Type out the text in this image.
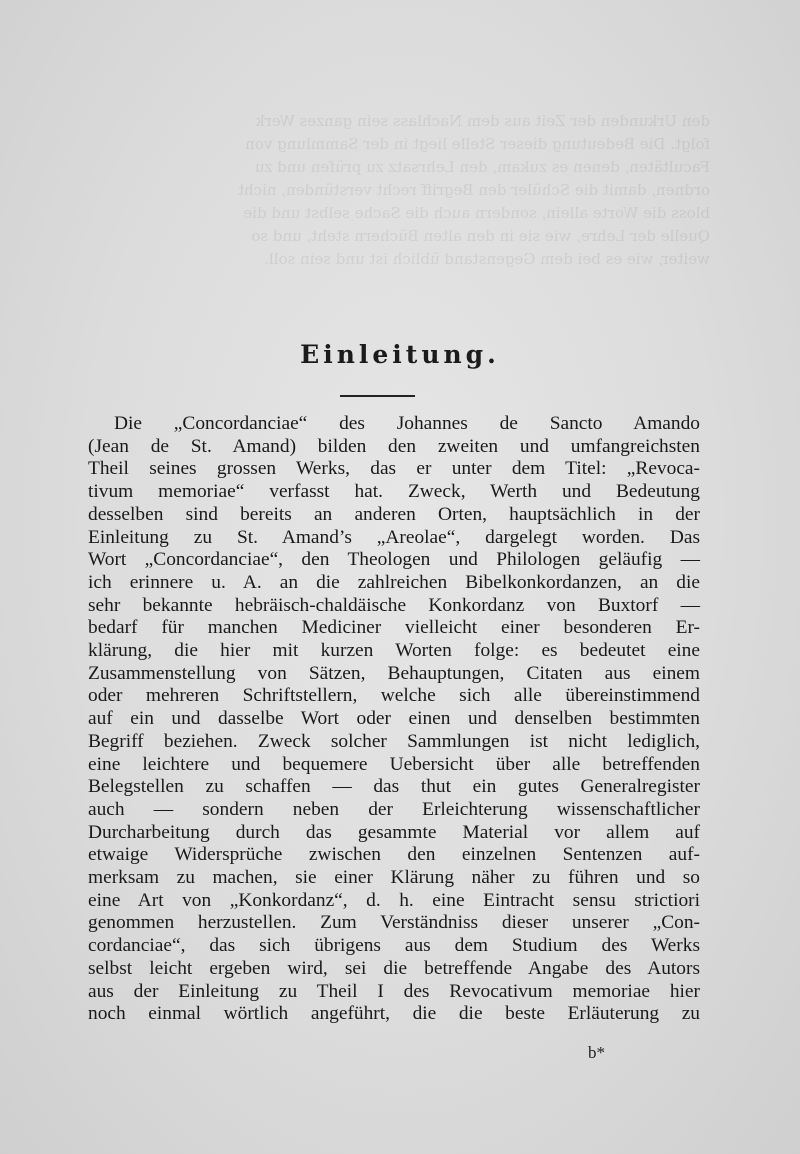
den Urkunden der Zeit aus dem Nachlass sein ganzes Werk
folgt. Die Bedeutung dieser Stelle liegt in der Sammlung von
Facultäten, denen es zukam, den Lehrsatz zu prüfen und zu
ordnen, damit die Schüler den Begriff recht verstünden, nicht
bloss die Worte allein, sondern auch die Sache selbst und die
Quelle der Lehre, wie sie in den alten Büchern steht, und so
weiter, wie es bei dem Gegenstand üblich ist und sein soll.
Einleitung.
Die „Concordanciae“ des Johannes de Sancto Amando
(Jean de St. Amand) bilden den zweiten und umfangreichsten
Theil seines grossen Werks, das er unter dem Titel: „Revoca-
tivum memoriae“ verfasst hat. Zweck, Werth und Bedeutung
desselben sind bereits an anderen Orten, hauptsächlich in der
Einleitung zu St. Amand’s „Areolae“, dargelegt worden. Das
Wort „Concordanciae“, den Theologen und Philologen geläufig —
ich erinnere u. A. an die zahlreichen Bibelkonkordanzen, an die
sehr bekannte hebräisch-chaldäische Konkordanz von Buxtorf —
bedarf für manchen Mediciner vielleicht einer besonderen Er-
klärung, die hier mit kurzen Worten folge: es bedeutet eine
Zusammenstellung von Sätzen, Behauptungen, Citaten aus einem
oder mehreren Schriftstellern, welche sich alle übereinstimmend
auf ein und dasselbe Wort oder einen und denselben bestimmten
Begriff beziehen. Zweck solcher Sammlungen ist nicht lediglich,
eine leichtere und bequemere Uebersicht über alle betreffenden
Belegstellen zu schaffen — das thut ein gutes Generalregister
auch — sondern neben der Erleichterung wissenschaftlicher
Durcharbeitung durch das gesammte Material vor allem auf
etwaige Widersprüche zwischen den einzelnen Sentenzen auf-
merksam zu machen, sie einer Klärung näher zu führen und so
eine Art von „Konkordanz“, d. h. eine Eintracht sensu strictiori
genommen herzustellen. Zum Verständniss dieser unserer „Con-
cordanciae“, das sich übrigens aus dem Studium des Werks
selbst leicht ergeben wird, sei die betreffende Angabe des Autors
aus der Einleitung zu Theil I des Revocativum memoriae hier
noch einmal wörtlich angeführt, die die beste Erläuterung zu
b*
